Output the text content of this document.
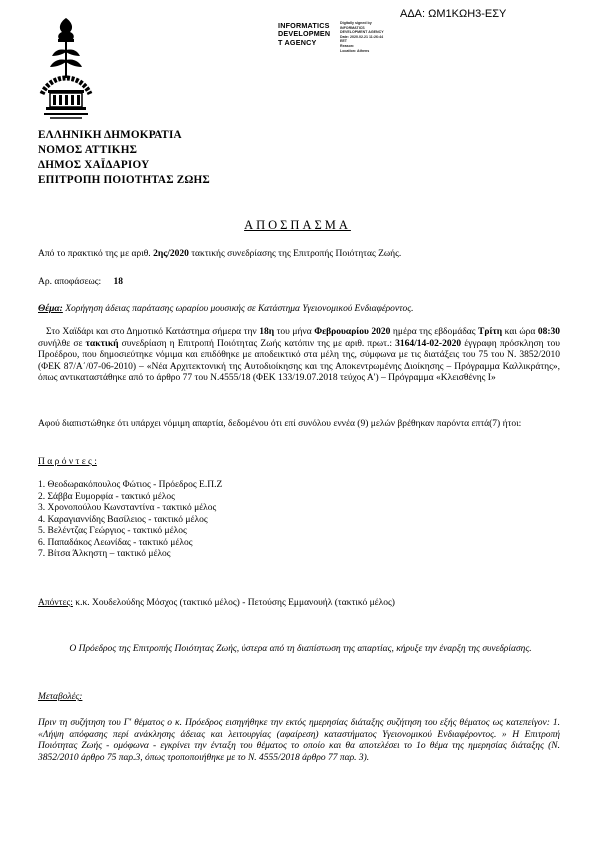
ΑΔΑ: ΩΜ1ΚΩΗ3-ΕΣΥ
INFORMATICS
DEVELOPMEN
T AGENCY
Digitally signed by
INFORMATICS
DEVELOPMENT AGENCY
Date: 2020.02.21 11:26:44
EET
Reason:
Location: Athens
ΕΛΛΗΝΙΚΗ ΔΗΜΟΚΡΑΤΙΑ
ΝΟΜΟΣ ΑΤΤΙΚΗΣ
ΔΗΜΟΣ ΧΑΪΔΑΡΙΟΥ
ΕΠΙΤΡΟΠΗ ΠΟΙΟΤΗΤΑΣ ΖΩΗΣ
ΑΠΟΣΠΑΣΜΑ
Από το πρακτικό της με αριθ. 2ης/2020 τακτικής συνεδρίασης της Επιτροπής Ποιότητας Ζωής.
Αρ. αποφάσεως: 18
Θέμα: Χορήγηση άδειας παράτασης ωραρίου μουσικής σε Κατάστημα Υγειονομικού Ενδιαφέροντος.
Στο Χαϊδάρι και στο Δημοτικό Κατάστημα σήμερα την 18η του μήνα Φεβρουαρίου 2020 ημέρα της εβδομάδας Τρίτη και ώρα 08:30 συνήλθε σε τακτική συνεδρίαση η Επιτροπή Ποιότητας Ζωής κατόπιν της με αριθ. πρωτ.: 3164/14-02-2020 έγγραφη πρόσκληση του Προέδρου, που δημοσιεύτηκε νόμιμα και επιδόθηκε με αποδεικτικό στα μέλη της, σύμφωνα με τις διατάξεις του 75 του Ν. 3852/2010 (ΦΕΚ 87/Α΄/07-06-2010) – «Νέα Αρχιτεκτονική της Αυτοδιοίκησης και της Αποκεντρωμένης Διοίκησης – Πρόγραμμα Καλλικράτης», όπως αντικαταστάθηκε από το άρθρο 77 του Ν.4555/18 (ΦΕΚ 133/19.07.2018 τεύχος Α') – Πρόγραμμα «Κλεισθένης Ι»
Αφού διαπιστώθηκε ότι υπάρχει νόμιμη απαρτία, δεδομένου ότι επί συνόλου εννέα (9) μελών βρέθηκαν παρόντα επτά(7) ήτοι:
Π α ρ ό ν τ ε ς :
1. Θεοδωρακόπουλος Φώτιος - Πρόεδρος Ε.Π.Ζ
2. Σάββα Ευμορφία - τακτικό μέλος
3. Χρονοπούλου Κωνσταντίνα - τακτικό μέλος
4. Καραγιαννίδης Βασίλειος - τακτικό μέλος
5. Βελέντζας Γεώργιος - τακτικό μέλος
6. Παπαδάκος Λεωνίδας - τακτικό μέλος
7. Βίτσα Άλκηστη – τακτικό μέλος
Απόντες: κ.κ. Χουδελούδης Μόσχος (τακτικό μέλος) - Πετούσης Εμμανουήλ (τακτικό μέλος)
Ο Πρόεδρος της Επιτροπής Ποιότητας Ζωής, ύστερα από τη διαπίστωση της απαρτίας, κήρυξε την έναρξη της συνεδρίασης.
Μεταβολές:
Πριν τη συζήτηση του Γ' θέματος ο κ. Πρόεδρος εισηγήθηκε την εκτός ημερησίας διάταξης συζήτηση του εξής θέματος ως κατεπείγον: 1. «Λήψη απόφασης περί ανάκλησης άδειας και λειτουργίας (αφαίρεση) καταστήματος Υγειονομικού Ενδιαφέροντος. » Η Επιτροπή Ποιότητας Ζωής - ομόφωνα - εγκρίνει την ένταξη του θέματος το οποίο και θα αποτελέσει το 1ο θέμα της ημερησίας διάταξης (Ν. 3852/2010 άρθρο 75 παρ.3, όπως τροποποιήθηκε με το Ν. 4555/2018 άρθρο 77 παρ. 3).
